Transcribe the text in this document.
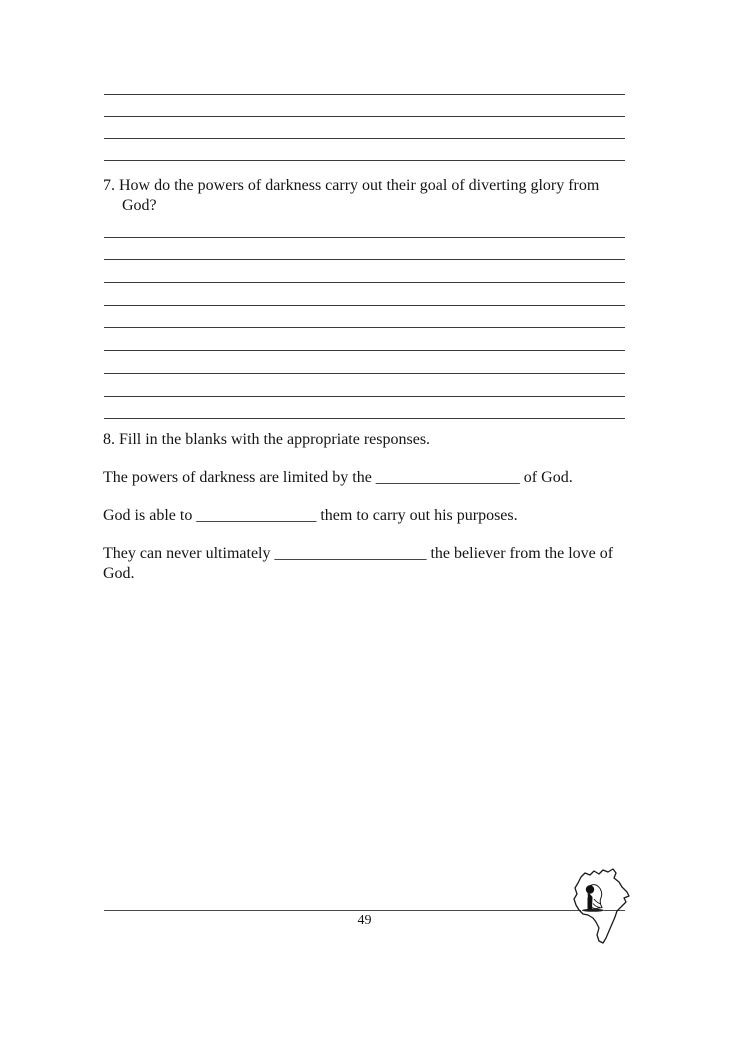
7. How do the powers of darkness carry out their goal of diverting glory from
God?
8. Fill in the blanks with the appropriate responses.
The powers of darkness are limited by the __________________ of God.
God is able to _______________ them to carry out his purposes.
They can never ultimately ___________________ the believer from the love of
God.
49
